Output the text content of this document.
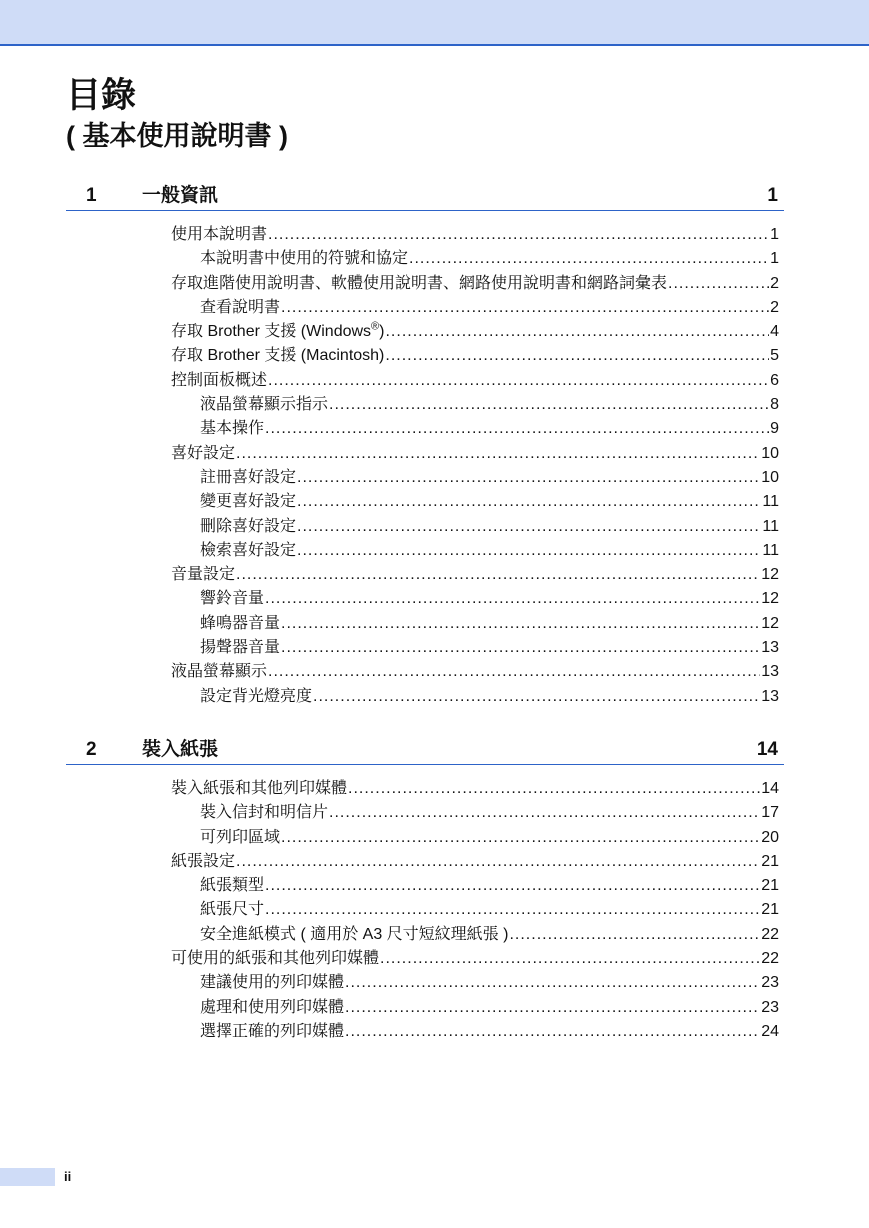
目錄
( 基本使用說明書 )
1 一般資訊	1
使用本說明書 .....	1
本說明書中使用的符號和協定 .....	1
存取進階使用說明書、軟體使用說明書、網路使用說明書和網路詞彙表 .....	2
查看說明書 .....	2
存取 Brother 支援 (Windows®) .....	4
存取 Brother 支援 (Macintosh) .....	5
控制面板概述 .....	6
液晶螢幕顯示指示 .....	8
基本操作 .....	9
喜好設定 .....	10
註冊喜好設定 .....	10
變更喜好設定 .....	11
刪除喜好設定 .....	11
檢索喜好設定 .....	11
音量設定 .....	12
響鈴音量 .....	12
蜂鳴器音量 .....	12
揚聲器音量 .....	13
液晶螢幕顯示 .....	13
設定背光燈亮度 .....	13
2 裝入紙張	14
裝入紙張和其他列印媒體 .....	14
裝入信封和明信片 .....	17
可列印區域 .....	20
紙張設定 .....	21
紙張類型 .....	21
紙張尺寸 .....	21
安全進紙模式 ( 適用於 A3 尺寸短紋理紙張 ) .....	22
可使用的紙張和其他列印媒體 .....	22
建議使用的列印媒體 .....	23
處理和使用列印媒體 .....	23
選擇正確的列印媒體 .....	24
ii
